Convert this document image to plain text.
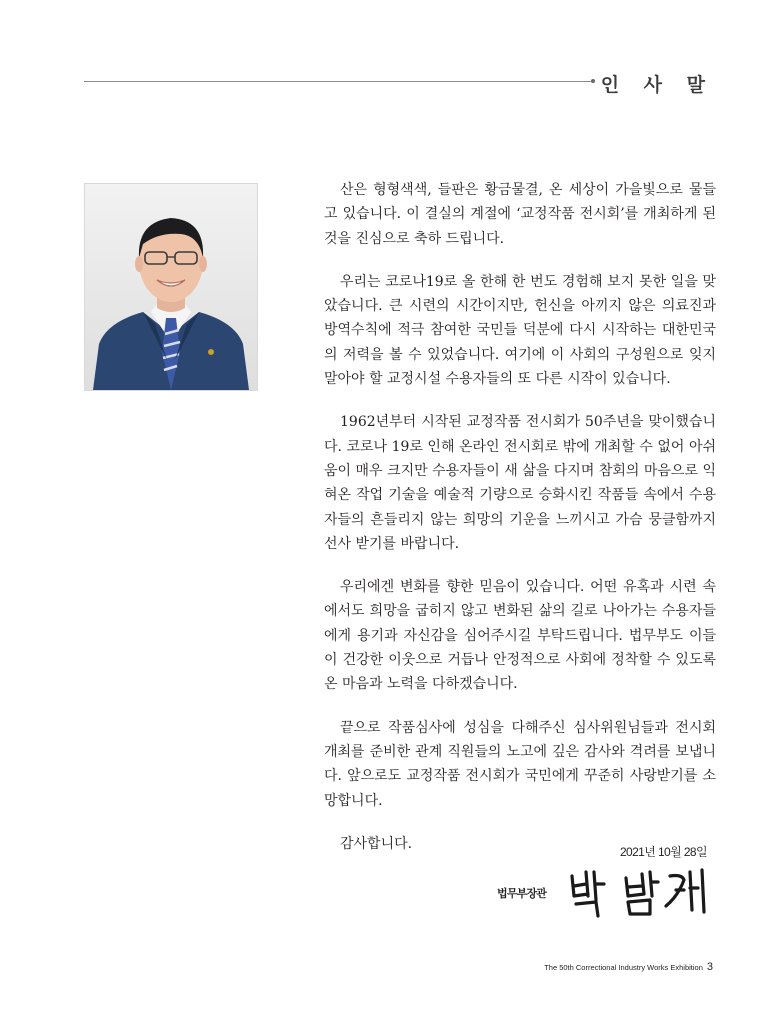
인 사 말

산은 형형색색, 들판은 황금물결, 온 세상이 가을빛으로 물들고 있습니다. 이 결실의 계절에 ‘교정작품 전시회’를 개최하게 된 것을 진심으로 축하 드립니다.

우리는 코로나19로 올 한해 한 번도 경험해 보지 못한 일을 맞았습니다. 큰 시련의 시간이지만, 헌신을 아끼지 않은 의료진과 방역수칙에 적극 참여한 국민들 덕분에 다시 시작하는 대한민국의 저력을 볼 수 있었습니다. 여기에 이 사회의 구성원으로 잊지 말아야 할 교정시설 수용자들의 또 다른 시작이 있습니다.

1962년부터 시작된 교정작품 전시회가 50주년을 맞이했습니다. 코로나 19로 인해 온라인 전시회로 밖에 개최할 수 없어 아쉬움이 매우 크지만 수용자들이 새 삶을 다지며 참회의 마음으로 익혀온 작업 기술을 예술적 기량으로 승화시킨 작품들 속에서 수용자들의 흔들리지 않는 희망의 기운을 느끼시고 가슴 뭉클함까지 선사 받기를 바랍니다.

우리에겐 변화를 향한 믿음이 있습니다. 어떤 유혹과 시련 속에서도 희망을 굽히지 않고 변화된 삶의 길로 나아가는 수용자들에게 용기과 자신감을 심어주시길 부탁드립니다. 법무부도 이들이 건강한 이웃으로 거듭나 안정적으로 사회에 정착할 수 있도록 온 마음과 노력을 다하겠습니다.

끝으로 작품심사에 성심을 다해주신 심사위원님들과 전시회 개최를 준비한 관계 직원들의 노고에 깊은 감사와 격려를 보냅니다. 앞으로도 교정작품 전시회가 국민에게 꾸준히 사랑받기를 소망합니다.

감사합니다.

2021년 10월 28일
법무부장관
The 50th Correctional Industry Works Exhibition 3
